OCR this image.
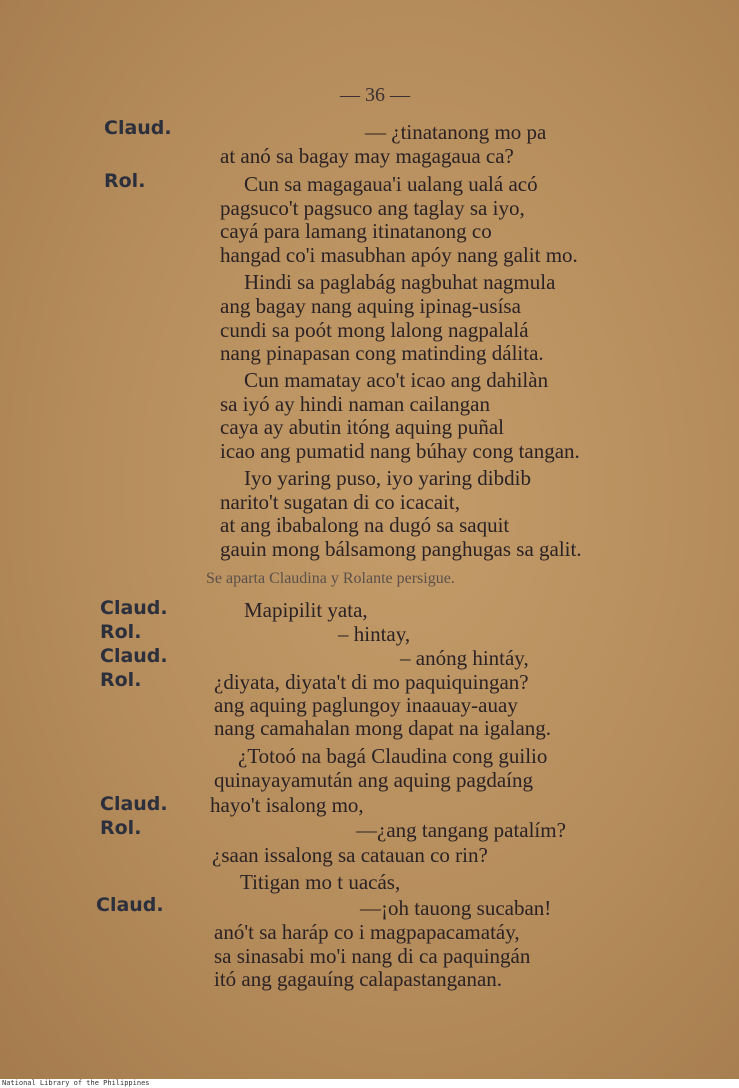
— 36 —
Claud.
Rol.
Claud.
Rol.
Claud.
Rol.
Claud.
Rol.
Claud.
— ¿tinatanong mo pa
at anó sa bagay may magagaua ca?
Cun sa magagaua'i ualang ualá acó
pagsuco't pagsuco ang taglay sa iyo,
cayá para lamang itinatanong co
hangad co'i masubhan apóy nang galit mo.
Hindi sa paglabág nagbuhat nagmula
ang bagay nang aquing ipinag-usísa
cundi sa poót mong lalong nagpalalá
nang pinapasan cong matinding dálita.
Cun mamatay aco't icao ang dahilàn
sa iyó ay hindi naman cailangan
caya ay abutin itóng aquing puñal
icao ang pumatid nang búhay cong tangan.
Iyo yaring puso, iyo yaring dibdib
narito't sugatan di co icacait,
at ang ibabalong na dugó sa saquit
gauin mong bálsamong panghugas sa galit.
Se aparta Claudina y Rolante persigue.
Mapipilit yata,
– hintay,
– anóng hintáy,
¿diyata, diyata't di mo paquiquingan?
ang aquing paglungoy inaauay-auay
nang camahalan mong dapat na igalang.
¿Totoó na bagá Claudina cong guilio
quinayayamután ang aquing pagdaíng
hayo't isalong mo,
—¿ang tangang patalím?
¿saan issalong sa catauan co rin?
Titigan mo t uacás,
—¡oh tauong sucaban!
anó't sa haráp co i magpapacamatáy,
sa sinasabi mo'i nang di ca paquingán
itó ang gagauíng calapastanganan.
National Library of the Philippines
